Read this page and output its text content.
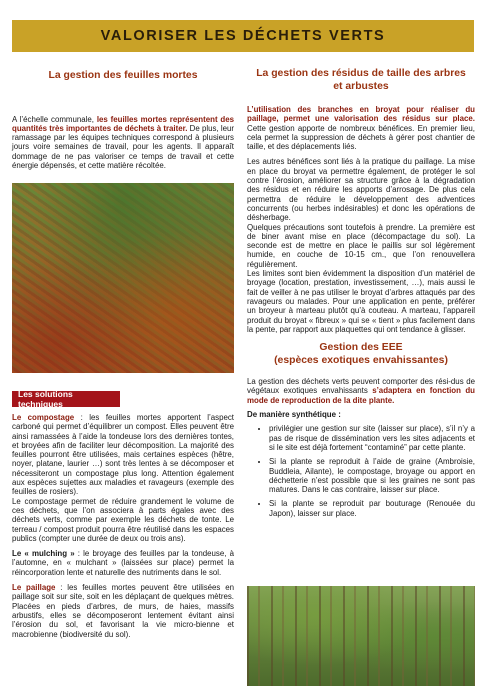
VALORISER LES DÉCHETS VERTS
La gestion des feuilles mortes

A l’échelle communale, les feuilles mortes représentent des quantités très importantes de déchets à traiter. De plus, leur ramassage par les équipes techniques correspond à plusieurs jours voire semaines de travail, pour les agents. Il apparaît dommage de ne pas valoriser ce temps de travail et cette énergie dépensés, et cette matière récoltée.

Les solutions techniques

Le compostage : les feuilles mortes apportent l’aspect carboné qui permet d’équilibrer un compost. Elles peuvent être ainsi ramassées à l’aide la tondeuse lors des dernières tontes, et broyées afin de faciliter leur décomposition. La majorité des feuilles pourront être utilisées, mais certaines espèces (hêtre, noyer, platane, laurier …) sont très lentes à se décomposer et nécessiteront un compostage plus long. Attention également aux espèces sujettes aux maladies et ravageurs (exemple des feuilles de rosiers).

Le compostage permet de réduire grandement le volume de ces déchets, que l’on associera à parts égales avec des déchets verts, comme par exemple les déchets de tonte. Le terreau / compost produit pourra être réutilisé dans les espaces publics (compter une durée de deux ou trois ans).

Le « mulching » : le broyage des feuilles par la tondeuse, à l’automne, en « mulchant » (laissées sur place) permet la réincorporation lente et naturelle des nutriments dans le sol.

Le paillage : les feuilles mortes peuvent être utilisées en paillage soit sur site, soit en les déplaçant de quelques mètres. Placées en pieds d’arbres, de murs, de haies, massifs arbustifs, elles se décomposeront lentement évitant ainsi l’érosion du sol, et favorisant la vie micro-bienne et macrobienne (biodiversité du sol).

La gestion des résidus de taille des arbres et arbustes

L’utilisation des branches en broyat pour réaliser du paillage, permet une valorisation des résidus sur place. Cette gestion apporte de nombreux bénéfices. En premier lieu, cela permet la suppression de déchets à gérer post chantier de taille, et des déplacements liés.

Les autres bénéfices sont liés à la pratique du paillage. La mise en place du broyat va permettre également, de protéger le sol contre l’érosion, améliorer sa structure grâce à la dégradation des résidus et en réduire les apports d’arrosage. De plus cela permettra de réduire le développement des adventices concurrents (ou herbes indésirables) et donc les opérations de désherbage.

Quelques précautions sont toutefois à prendre. La première est de biner avant mise en place (décompactage du sol). La seconde est de mettre en place le paillis sur sol légèrement humide, en couche de 10-15 cm., que l’on renouvellera régulièrement.

Les limites sont bien évidemment la disposition d’un matériel de broyage (location, prestation, investissement, …), mais aussi le fait de veiller à ne pas utiliser le broyat d’arbres attaqués par des ravageurs ou malades. Pour une application en pente, préférer un broyeur à marteau plutôt qu’à couteau. A marteau, l’appareil produit du broyat « fibreux » qui se « tient » plus facilement dans la pente, par rapport aux plaquettes qui ont tendance à glisser.

Gestion des EEE
(espèces exotiques envahissantes)

La gestion des déchets verts peuvent comporter des rési-dus de végétaux exotiques envahissants s’adaptera en fonction du mode de reproduction de la dite plante.

De manière synthétique :

• privilégier une gestion sur site (laisser sur place), s’il n’y a pas de risque de dissémination vers les sites adjacents et si le site est déjà fortement “contaminé” par cette plante.
• Si la plante se reproduit à l’aide de graine (Ambroisie, Buddleia, Ailante), le compostage, broyage ou apport en déchetterie n’est possible que si les graines ne sont pas matures. Dans le cas contraire, laisser sur place.
• Si la plante se reproduit par bouturage (Renouée du Japon), laisser sur place.
